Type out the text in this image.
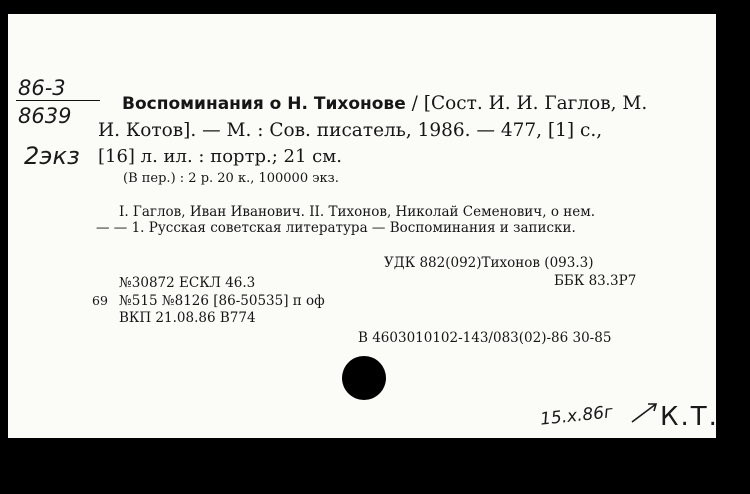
86-3
8639
2экз
Воспоминания о Н. Тихонове / [Сост. И. И. Гаглов, М.
И. Котов]. — М. : Сов. писатель, 1986. — 477, [1] с.,
[16] л. ил. : портр.; 21 см.
(В пер.) : 2 р. 20 к., 100000 экз.
I. Гаглов, Иван Иванович. II. Тихонов, Николай Семенович, о нем.
— — 1. Русская советская литература — Воспоминания и записки.
УДК 882(092)Тихонов (093.3)
ББК 83.3Р7
№30872 ЕСКЛ 46.3
69 №515 №8126 [86-50535] п оф
ВКП 21.08.86 В774
В 4603010102-143/083(02)-86 30-85
15.х.86г К.Т.
